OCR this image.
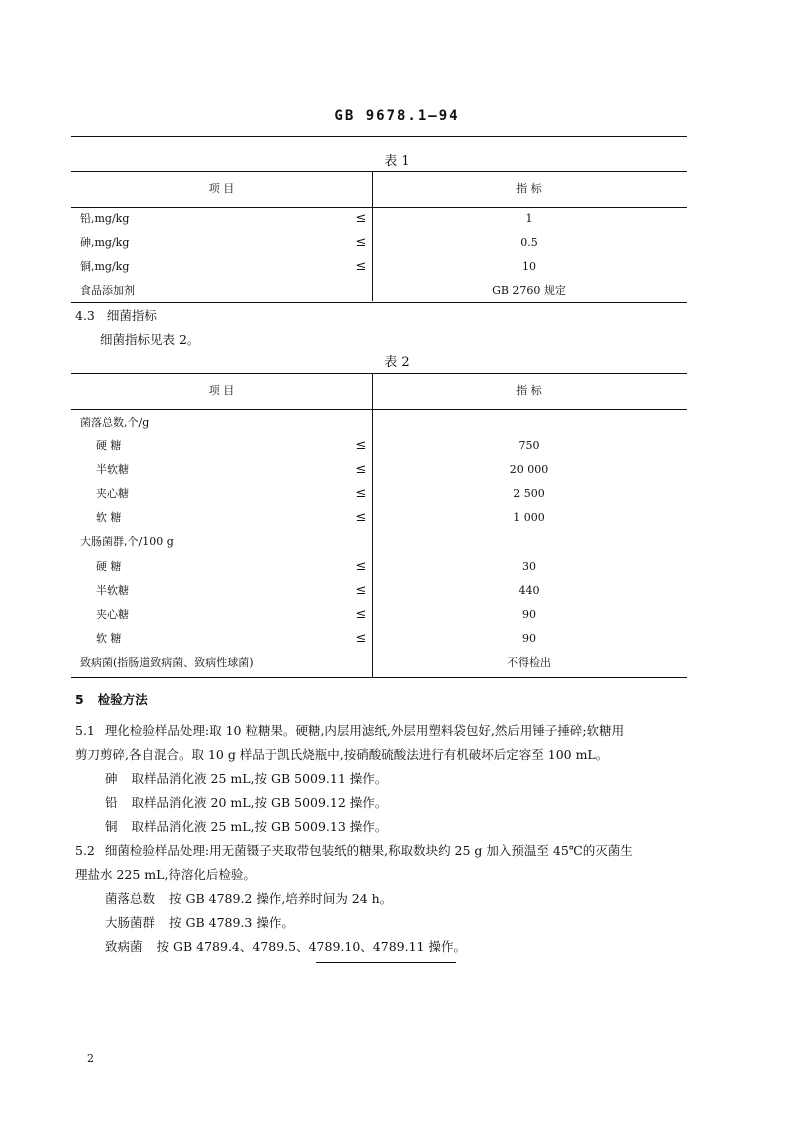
GB 9678.1—94
表 1
项 目	指 标
铅,mg/kg	≤	1
砷,mg/kg	≤	0.5
铜,mg/kg	≤	10
食品添加剂	GB 2760 规定
4.3 细菌指标
细菌指标见表 2。
表 2
项 目	指 标
菌落总数,个/g
硬 糖	≤	750
半软糖	≤	20 000
夹心糖	≤	2 500
软 糖	≤	1 000
大肠菌群,个/100 g
硬 糖	≤	30
半软糖	≤	440
夹心糖	≤	90
软 糖	≤	90
致病菌(指肠道致病菌、致病性球菌)	不得检出
5 检验方法
5.1 理化检验样品处理:取 10 粒糖果。硬糖,内层用滤纸,外层用塑料袋包好,然后用锤子捶碎;软糖用
剪刀剪碎,各自混合。取 10 g 样品于凯氏烧瓶中,按硝酸硫酸法进行有机破坏后定容至 100 mL。
砷 取样品消化液 25 mL,按 GB 5009.11 操作。
铅 取样品消化液 20 mL,按 GB 5009.12 操作。
铜 取样品消化液 25 mL,按 GB 5009.13 操作。
5.2 细菌检验样品处理:用无菌镊子夹取带包装纸的糖果,称取数块约 25 g 加入预温至 45℃的灭菌生
理盐水 225 mL,待溶化后检验。
菌落总数 按 GB 4789.2 操作,培养时间为 24 h。
大肠菌群 按 GB 4789.3 操作。
致病菌 按 GB 4789.4、4789.5、4789.10、4789.11 操作。
2
